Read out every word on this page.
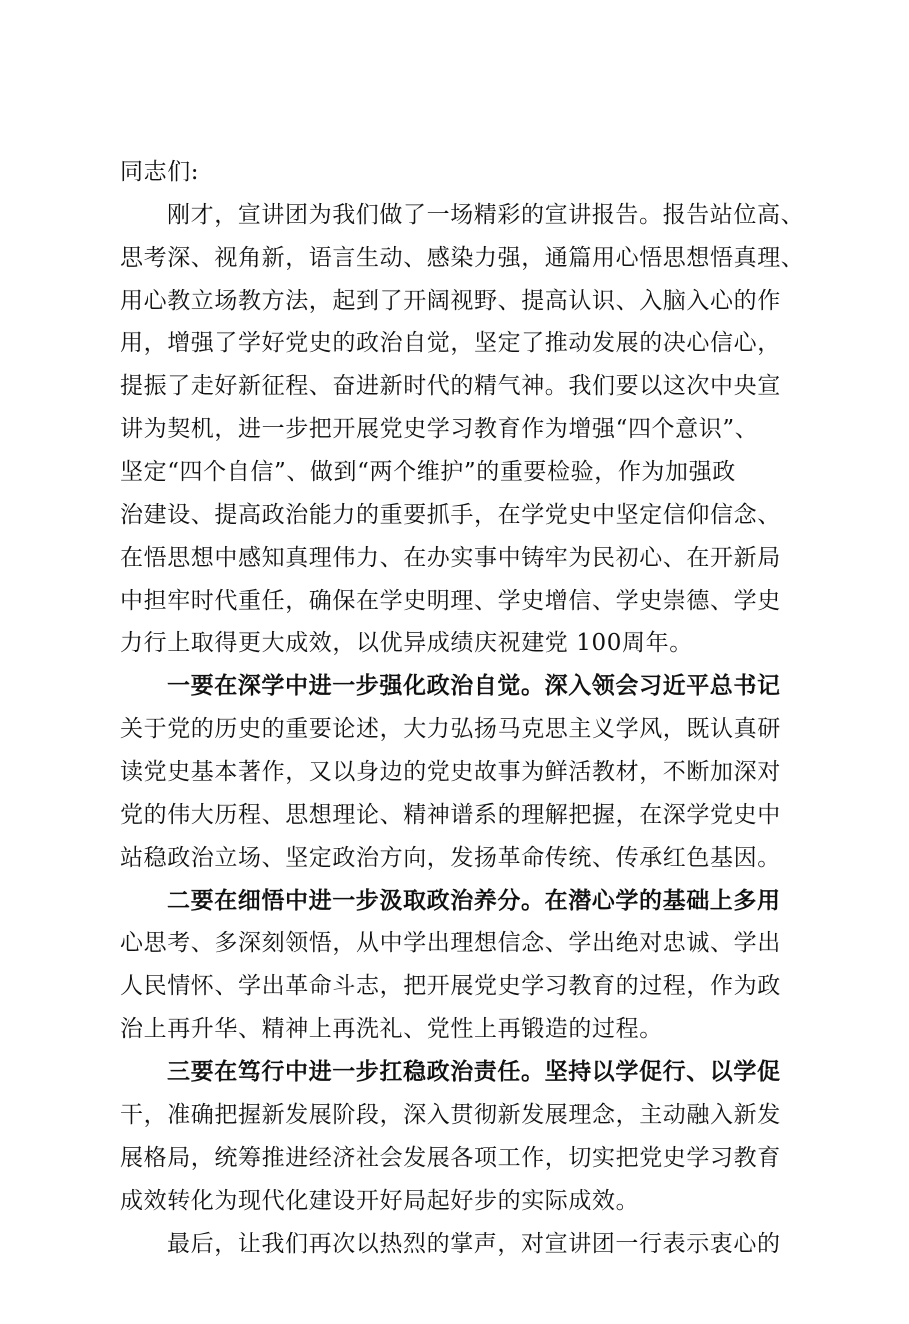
同志们:
刚才，宣讲团为我们做了一场精彩的宣讲报告。报告站位高、
思考深、视角新，语言生动、感染力强，通篇用心悟思想悟真理、
用心教立场教方法，起到了开阔视野、提高认识、入脑入心的作
用，增强了学好党史的政治自觉，坚定了推动发展的决心信心，
提振了走好新征程、奋进新时代的精气神。我们要以这次中央宣
讲为契机，进一步把开展党史学习教育作为增强“四个意识”、
坚定“四个自信”、做到“两个维护”的重要检验，作为加强政
治建设、提高政治能力的重要抓手，在学党史中坚定信仰信念、
在悟思想中感知真理伟力、在办实事中铸牢为民初心、在开新局
中担牢时代重任，确保在学史明理、学史增信、学史崇德、学史
力行上取得更大成效，以优异成绩庆祝建党 100周年。
一要在深学中进一步强化政治自觉。深入领会习近平总书记
关于党的历史的重要论述，大力弘扬马克思主义学风，既认真研
读党史基本著作，又以身边的党史故事为鲜活教材，不断加深对
党的伟大历程、思想理论、精神谱系的理解把握，在深学党史中
站稳政治立场、坚定政治方向，发扬革命传统、传承红色基因。
二要在细悟中进一步汲取政治养分。在潜心学的基础上多用
心思考、多深刻领悟，从中学出理想信念、学出绝对忠诚、学出
人民情怀、学出革命斗志，把开展党史学习教育的过程，作为政
治上再升华、精神上再洗礼、党性上再锻造的过程。
三要在笃行中进一步扛稳政治责任。坚持以学促行、以学促
干，准确把握新发展阶段，深入贯彻新发展理念，主动融入新发
展格局，统筹推进经济社会发展各项工作，切实把党史学习教育
成效转化为现代化建设开好局起好步的实际成效。
最后，让我们再次以热烈的掌声，对宣讲团一行表示衷心的
